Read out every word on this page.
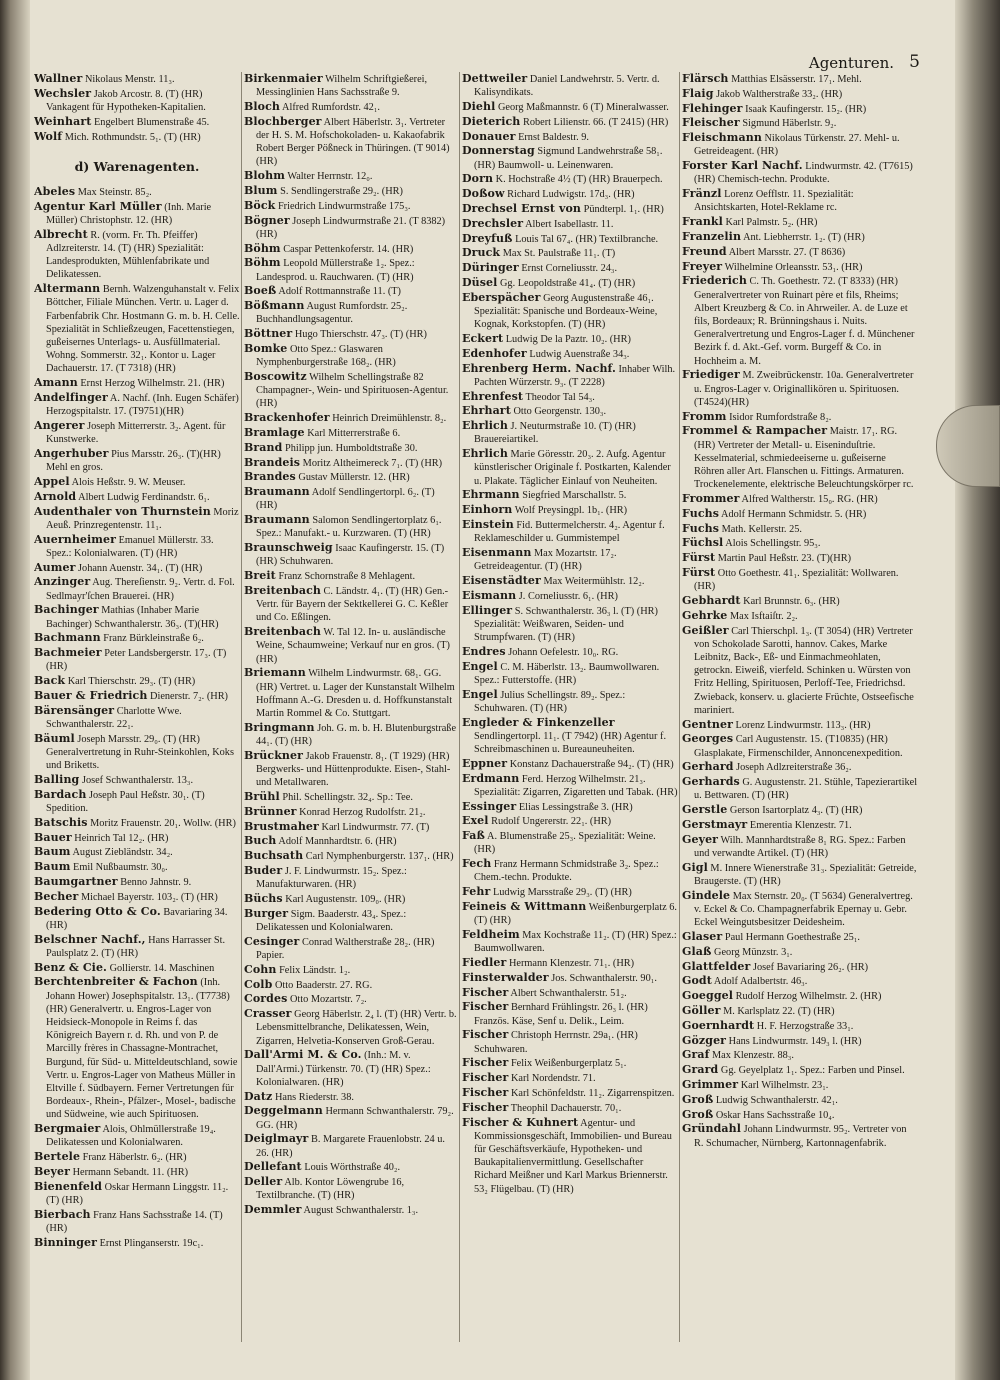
Agenturen. 5
Wallner Nikolaus Menstr. 11₃.
Wechsler Jakob Arcostr. 8. (T) (HR) Vankagent für Hypotheken-Kapitalien.
Weinhart Engelbert Blumenstraße 45.
Wolf Mich. Rothmundstr. 5₁. (T) (HR)
d) Warenagenten.
Abeles Max Steinstr. 85₂.
Agentur Karl Müller (Inh. Marie Müller) Christophstr. 12. (HR)
Albrecht R. (vorm. Fr. Th. Pfeiffer) Adlzreiterstr. 14. (T) (HR) Spezialität: Landesprodukten, Mühlenfabrikate und Delikatessen.
Altermann Bernh. Walzenguhanstalt v. Felix Böttcher, Filiale München. Vertr. u. Lager d. Farbenfabrik Chr. Hostmann G. m. b. H. Celle. Spezialität in Schließzeugen, Facettenstiegen, gußeisernes Unterlags- u. Ausfüllmaterial. Wohng. Sommerstr. 32₁. Kontor u. Lager Dachauerstr. 17. (T 7318) (HR)
Amann Ernst Herzog Wilhelmstr. 21. (HR)
Andelfinger A. Nachf. (Inh. Eugen Schäfer) Herzogspitalstr. 17. (T9751)(HR)
Angerer Joseph Mitterrerstr. 3₂. Agent. für Kunstwerke.
Angerhuber Pius Marsstr. 26₃. (T)(HR) Mehl en gros.
Appel Alois Heßstr. 9. W. Meuser.
Arnold Albert Ludwig Ferdinandstr. 6₁.
Audenthaler von Thurnstein Moriz Aeuß. Prinzregentenstr. 11₁.
Auernheimer Emanuel Müllerstr. 33. Spez.: Kolonialwaren. (T) (HR)
Aumer Johann Auenstr. 34₁. (T) (HR)
Anzinger Aug. Thereſienstr. 9₂. Vertr. d. Fol. Sedlmayr'ſchen Brauerei. (HR)
Bachinger Mathias (Inhaber Marie Bachinger) Schwanthalerstr. 36₃. (T)(HR)
Bachmann Franz Bürkleinstraße 6₂.
Bachmeier Peter Landsbergerstr. 17₃. (T)(HR)
Back Karl Thierschstr. 29₃. (T) (HR)
Bauer & Friedrich Dienerstr. 7₂. (HR)
Bärensänger Charlotte Wwe. Schwanthalerstr. 22₁.
Bäuml Joseph Marsstr. 29₀. (T) (HR) Generalvertretung in Ruhr-Steinkohlen, Koks und Briketts.
Balling Josef Schwanthalerstr. 13₃.
Bardach Joseph Paul Heßstr. 30₁. (T) Spedition.
Batschis Moritz Frauenstr. 20₁. Wollw. (HR)
Bauer Heinrich Tal 12₂. (HR)
Baum August Ziebländstr. 34₂.
Baum Emil Nußbaumstr. 30₀.
Baumgartner Benno Jahnstr. 9.
Becher Michael Bayerstr. 103₂. (T) (HR)
Bedering Otto & Co. Bavariaring 34. (HR)
Belschner Nachf., Hans Harrasser St. Paulsplatz 2. (T) (HR)
Benz & Cie. Gollierstr. 14. Maschinen
Berchtenbreiter & Fachon (Inh. Johann Hower) Josephspitalstr. 13₁. (T7738) (HR) Generalvertr. u. Engros-Lager von Heidsieck-Monopole in Reims f. das Königreich Bayern r. d. Rh. und von P. de Marcilly frères in Chassagne-Montrachet, Burgund, für Süd- u. Mitteldeutschland, sowie Vertr. u. Engros-Lager von Matheus Müller in Eltville f. Südbayern. Ferner Vertretungen für Bordeaux-, Rhein-, Pfälzer-, Mosel-, badische und Südweine, wie auch Spirituosen.
Bergmaier Alois, Ohlmüllerstraße 19₄. Delikatessen und Kolonialwaren.
Bertele Franz Häberlstr. 6₂. (HR)
Beyer Hermann Sebandt. 11. (HR)
Bienenfeld Oskar Hermann Linggstr. 11₂. (T) (HR)
Bierbach Franz Hans Sachsstraße 14. (T) (HR)
Binninger Ernst Plinganserstr. 19c₁.
Birkenmaier Wilhelm Schriftgießerei, Messinglinien Hans Sachsstraße 9.
Bloch Alfred Rumfordstr. 42₁.
Blochberger Albert Häberlstr. 3₁. Vertreter der H. S. M. Hofschokoladen- u. Kakaofabrik Robert Berger Pößneck in Thüringen. (T 9014) (HR)
Blohm Walter Herrnstr. 12₀.
Blum S. Sendlingerstraße 29₂. (HR)
Böck Friedrich Lindwurmstraße 175₃.
Bögner Joseph Lindwurmstraße 21. (T 8382) (HR)
Böhm Caspar Pettenkoferstr. 14. (HR)
Böhm Leopold Müllerstraße 1₂. Spez.: Landesprod. u. Rauchwaren. (T) (HR)
Boeß Adolf Rottmannstraße 11. (T)
Bößmann August Rumfordstr. 25₂. Buchhandlungsagentur.
Böttner Hugo Thierschstr. 47₃. (T) (HR)
Bomke Otto Spez.: Glaswaren Nymphenburgerstraße 168₂. (HR)
Boscowitz Wilhelm Schellingstraße 82 Champagner-, Wein- und Spirituosen-Agentur. (HR)
Brackenhofer Heinrich Dreimühlenstr. 8₂.
Bramlage Karl Mitterrerstraße 6.
Brand Philipp jun. Humboldtstraße 30.
Brandeis Moritz Altheimereck 7₁. (T) (HR)
Brandes Gustav Müllerstr. 12. (HR)
Braumann Adolf Sendlingertorpl. 6₂. (T) (HR)
Braumann Salomon Sendlingertorplatz 6₁. Spez.: Manufakt.- u. Kurzwaren. (T) (HR)
Braunschweig Isaac Kaufingerstr. 15. (T) (HR) Schuhwaren.
Breit Franz Schornstraße 8 Mehlagent.
Breitenbach C. Ländstr. 4₁. (T) (HR) Gen.-Vertr. für Bayern der Sektkellerei G. C. Keßler und Co. Eßlingen.
Breitenbach W. Tal 12. In- u. ausländische Weine, Schaumweine; Verkauf nur en gros. (T) (HR)
Briemann Wilhelm Lindwurmstr. 68₁. GG. (HR) Vertret. u. Lager der Kunstanstalt Wilhelm Hoffmann A.-G. Dresden u. d. Hoffkunstanstalt Martin Rommel & Co. Stuttgart.
Bringmann Joh. G. m. b. H. Blutenburgstraße 44₁. (T) (HR)
Brückner Jakob Frauenstr. 8₁. (T 1929) (HR) Bergwerks- und Hüttenprodukte. Eisen-, Stahl- und Metallwaren.
Brühl Phil. Schellingstr. 32₄. Sp.: Tee.
Brünner Konrad Herzog Rudolfstr. 21₂.
Brustmaher Karl Lindwurmstr. 77. (T)
Buch Adolf Mannhardtstr. 6. (HR)
Buchsath Carl Nymphenburgerstr. 137₁. (HR)
Buder J. F. Lindwurmstr. 15₂. Spez.: Manufakturwaren. (HR)
Büchs Karl Augustenstr. 109₀. (HR)
Burger Sigm. Baaderstr. 43₄. Spez.: Delikatessen und Kolonialwaren.
Cesinger Conrad Waltherstraße 28₂. (HR) Papier.
Cohn Felix Ländstr. 1₂.
Colb Otto Baaderstr. 27. RG.
Cordes Otto Mozartstr. 7₂.
Crasser Georg Häberlstr. 2₄ l. (T) (HR) Vertr. b. Lebensmittelbranche, Delikatessen, Wein, Zigarren, Helvetia-Konserven Groß-Gerau.
Dall'Armi M. & Co. (Inh.: M. v. Dall'Armi.) Türkenstr. 70. (T) (HR) Spez.: Kolonialwaren. (HR)
Datz Hans Riederstr. 38.
Deggelmann Hermann Schwanthalerstr. 79₂. GG. (HR)
Deiglmayr B. Margarete Frauenlobstr. 24 u. 26. (HR)
Dellefant Louis Wörthstraße 40₂.
Deller Alb. Kontor Löwengrube 16, Textilbranche. (T) (HR)
Demmler August Schwanthalerstr. 1₃.
Dettweiler Daniel Landwehrstr. 5. Vertr. d. Kalisyndikats.
Diehl Georg Maßmannstr. 6 (T) Mineralwasser.
Dieterich Robert Lilienstr. 66. (T 2415) (HR)
Donauer Ernst Baldestr. 9.
Donnerstag Sigmund Landwehrstraße 58₁. (HR) Baumwoll- u. Leinenwaren.
Dorn K. Hochstraße 4½ (T) (HR) Brauerpech.
Doßow Richard Ludwigstr. 17d₃. (HR)
Drechsel Ernst von Pündterpl. 1₁. (HR)
Drechsler Albert Isabellastr. 11.
Dreyfuß Louis Tal 67₄. (HR) Textilbranche.
Druck Max St. Paulstraße 11₁. (T)
Düringer Ernst Corneliusstr. 24₃.
Düsel Gg. Leopoldstraße 41₄. (T) (HR)
Eberspächer Georg Augustenstraße 46₁. Spezialität: Spanische und Bordeaux-Weine, Kognak, Korkstopfen. (T) (HR)
Eckert Ludwig De la Paztr. 10₂. (HR)
Edenhofer Ludwig Auenstraße 34₃.
Ehrenberg Herm. Nachf. Inhaber Wilh. Pachten Würzerstr. 9₃. (T 2228)
Ehrenfest Theodor Tal 54₃.
Ehrhart Otto Georgenstr. 130₃.
Ehrlich J. Neuturmstraße 10. (T) (HR) Brauereiartikel.
Ehrlich Marie Göresstr. 20₃. 2. Aufg. Agentur künstlerischer Originale f. Postkarten, Kalender u. Plakate. Täglicher Einlauf von Neuheiten.
Ehrmann Siegfried Marschallstr. 5.
Einhorn Wolf Preysingpl. 1b₁. (HR)
Einstein Fid. Buttermelcherstr. 4₂. Agentur f. Reklameschilder u. Gummistempel
Eisenmann Max Mozartstr. 17₂. Getreideagentur. (T) (HR)
Eisenstädter Max Weitermühlstr. 12₂.
Eismann J. Corneliusstr. 6₁. (HR)
Ellinger S. Schwanthalerstr. 36₃ l. (T) (HR) Spezialität: Weißwaren, Seiden- und Strumpfwaren. (T) (HR)
Endres Johann Oefelestr. 10₀. RG.
Engel C. M. Häberlstr. 13₂. Baumwollwaren. Spez.: Futterstoffe. (HR)
Engel Julius Schellingstr. 89₂. Spez.: Schuhwaren. (T) (HR)
Engleder & Finkenzeller Sendlingertorpl. 11₁. (T 7942) (HR) Agentur f. Schreibmaschinen u. Bureauneuheiten.
Eppner Konstanz Dachauerstraße 94₂. (T) (HR)
Erdmann Ferd. Herzog Wilhelmstr. 21₃. Spezialität: Zigarren, Zigaretten und Tabak. (HR)
Essinger Elias Lessingstraße 3. (HR)
Exel Rudolf Ungererstr. 22₁. (HR)
Faß A. Blumenstraße 25₃. Spezialität: Weine. (HR)
Fech Franz Hermann Schmidstraße 3₂. Spez.: Chem.-techn. Produkte.
Fehr Ludwig Marsstraße 29₃. (T) (HR)
Feineis & Wittmann Weißenburgerplatz 6. (T) (HR)
Feldheim Max Kochstraße 11₂. (T) (HR) Spez.: Baumwollwaren.
Fiedler Hermann Klenzestr. 71₁. (HR)
Finsterwalder Jos. Schwanthalerstr. 90₁.
Fischer Albert Schwanthalerstr. 51₂.
Fischer Bernhard Frühlingstr. 26₃ l. (HR) Französ. Käse, Senf u. Delik., Leim.
Fischer Christoph Herrnstr. 29a₁. (HR) Schuhwaren.
Fischer Felix Weißenburgerplatz 5₁.
Fischer Karl Nordendstr. 71.
Fischer Karl Schönfeldstr. 11₂. Zigarrenspitzen.
Fischer Theophil Dachauerstr. 70₁.
Fischer & Kuhnert Agentur- und Kommissionsgeschäft, Immobilien- und Bureau für Geschäftsverkäufe, Hypotheken- und Baukapitalienvermittlung. Gesellschafter Richard Meißner und Karl Markus Briennerstr. 53₂ Flügelbau. (T) (HR)
Flärsch Matthias Elsässerstr. 17₁. Mehl.
Flaig Jakob Waltherstraße 33₂. (HR)
Flehinger Isaak Kaufingerstr. 15₂. (HR)
Fleischer Sigmund Häberlstr. 9₂.
Fleischmann Nikolaus Türkenstr. 27. Mehl- u. Getreideagent. (HR)
Forster Karl Nachf. Lindwurmstr. 42. (T7615) (HR) Chemisch-techn. Produkte.
Fränzl Lorenz Oefflstr. 11. Spezialität: Ansichtskarten, Hotel-Reklame rc.
Frankl Karl Palmstr. 5₂. (HR)
Franzelin Ant. Liebherrstr. 1₂. (T) (HR)
Freund Albert Marsstr. 27. (T 8636)
Freyer Wilhelmine Orleansstr. 53₁. (HR)
Friederich C. Th. Goethestr. 72. (T 8333) (HR) Generalvertreter von Ruinart père et fils, Rheims; Albert Kreuzberg & Co. in Ahrweiler. A. de Luze et fils, Bordeaux; R. Brünningshaus i. Nuits. Generalvertretung und Engros-Lager f. d. Münchener Bezirk f. d. Akt.-Gef. vorm. Burgeff & Co. in Hochheim a. M.
Friediger M. Zweibrückenstr. 10a. Generalvertreter u. Engros-Lager v. Originallikören u. Spirituosen. (T4524)(HR)
Fromm Isidor Rumfordstraße 8₂.
Frommel & Rampacher Maistr. 17₁. RG. (HR) Vertreter der Metall- u. Eiseninduſtrie. Kesselmaterial, schmiedeeiserne u. gußeiserne Röhren aller Art. Flanschen u. Fittings. Armaturen. Trockenelemente, elektrische Beleuchtungskörper rc.
Frommer Alfred Waltherstr. 15₀. RG. (HR)
Fuchs Adolf Hermann Schmidstr. 5. (HR)
Fuchs Math. Kellerstr. 25.
Füchsl Alois Schellingstr. 95₃.
Fürst Martin Paul Heßstr. 23. (T)(HR)
Fürst Otto Goethestr. 41₁. Spezialität: Wollwaren. (HR)
Gebhardt Karl Brunnstr. 6₃. (HR)
Gehrke Max Isftaiſtr. 2₂.
Geißler Carl Thierschpl. 1₃. (T 3054) (HR) Vertreter von Schokolade Sarotti, hannov. Cakes, Marke Leibnitz, Back-, Eß- und Einmachmeohlaten, getrockn. Eiweiß, vierfeld. Schinken u. Würsten von Fritz Helling, Spirituosen, Perloff-Tee, Friedrichsd. Zwieback, konserv. u. glacierte Früchte, Ostseefische mariniert.
Gentner Lorenz Lindwurmstr. 113₃. (HR)
Georges Carl Augustenstr. 15. (T10835) (HR) Glasplakate, Firmenschilder, Annoncenexpedition.
Gerhard Joseph Adlzreiterstraße 36₂.
Gerhards G. Augustenstr. 21. Stühle, Tapezierartikel u. Bettwaren. (T) (HR)
Gerstle Gerson Isartorplatz 4₃. (T) (HR)
Gerstmayr Emerentia Klenzestr. 71.
Geyer Wilh. Mannhardtstraße 8₁ RG. Spez.: Farben und verwandte Artikel. (T) (HR)
Gigl M. Innere Wienerstraße 31₃. Spezialität: Getreide, Braugerste. (T) (HR)
Gindele Max Sternstr. 20₀. (T 5634) Generalvertreg. v. Eckel & Co. Champagnerfabrik Epernay u. Gebr. Eckel Weingutsbesitzer Deidesheim.
Glaser Paul Hermann Goethestraße 25₁.
Glaß Georg Münzstr. 3₁.
Glattfelder Josef Bavariaring 26₂. (HR)
Godt Adolf Adalbertstr. 46₃.
Goeggel Rudolf Herzog Wilhelmstr. 2. (HR)
Göller M. Karlsplatz 22. (T) (HR)
Goernhardt H. F. Herzogstraße 33₁.
Gözger Hans Lindwurmstr. 149₃ l. (HR)
Graf Max Klenzestr. 88₃.
Grard Gg. Geyelplatz 1₁. Spez.: Farben und Pinsel.
Grimmer Karl Wilhelmstr. 23₁.
Groß Ludwig Schwanthalerstr. 42₁.
Groß Oskar Hans Sachsstraße 10₄.
Gründahl Johann Lindwurmstr. 95₂. Vertreter von R. Schumacher, Nürnberg, Kartonnagenfabrik.
